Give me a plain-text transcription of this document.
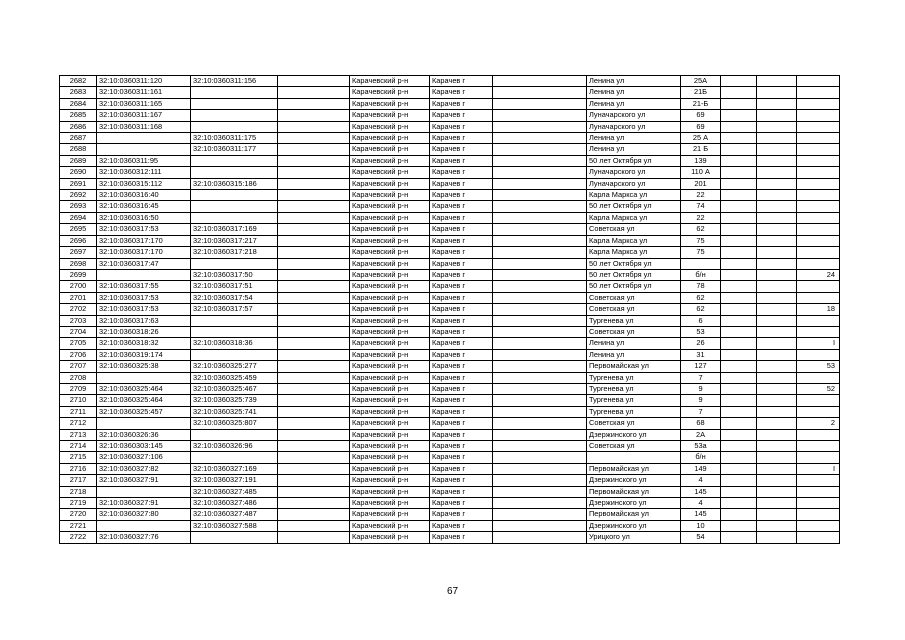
2682	32:10:0360311:120	32:10:0360311:156		Карачевский р-н	Карачев г		Ленина ул	25А			
2683	32:10:0360311:161			Карачевский р-н	Карачев г		Ленина ул	21Б			
2684	32:10:0360311:165			Карачевский р-н	Карачев г		Ленина ул	21-Б			
2685	32:10:0360311:167			Карачевский р-н	Карачев г		Луначарского ул	69			
2686	32:10:0360311:168			Карачевский р-н	Карачев г		Луначарского ул	69			
2687		32:10:0360311:175		Карачевский р-н	Карачев г		Ленина ул	25 А			
2688		32:10:0360311:177		Карачевский р-н	Карачев г		Ленина ул	21 Б			
2689	32:10:0360311:95			Карачевский р-н	Карачев г		50 лет Октября ул	139			
2690	32:10:0360312:111			Карачевский р-н	Карачев г		Луначарского ул	110 А			
2691	32:10:0360315:112	32:10:0360315:186		Карачевский р-н	Карачев г		Луначарского ул	201			
2692	32:10:0360316:40			Карачевский р-н	Карачев г		Карла Маркса ул	22			
2693	32:10:0360316:45			Карачевский р-н	Карачев г		50 лет Октября ул	74			
2694	32:10:0360316:50			Карачевский р-н	Карачев г		Карла Маркса ул	22			
2695	32:10:0360317:53	32:10:0360317:169		Карачевский р-н	Карачев г		Советская ул	62			
2696	32:10:0360317:170	32:10:0360317:217		Карачевский р-н	Карачев г		Карла Маркса ул	75			
2697	32:10:0360317:170	32:10:0360317:218		Карачевский р-н	Карачев г		Карла Маркса ул	75			
2698	32:10:0360317:47			Карачевский р-н	Карачев г		50 лет Октября ул				
2699		32:10:0360317:50		Карачевский р-н	Карачев г		50 лет Октября ул	б/н			24
2700	32:10:0360317:55	32:10:0360317:51		Карачевский р-н	Карачев г		50 лет Октября ул	78			
2701	32:10:0360317:53	32:10:0360317:54		Карачевский р-н	Карачев г		Советская ул	62			
2702	32:10:0360317:53	32:10:0360317:57		Карачевский р-н	Карачев г		Советская ул	62			18
2703	32:10:0360317:63			Карачевский р-н	Карачев г		Тургенева ул	6			
2704	32:10:0360318:26			Карачевский р-н	Карачев г		Советская ул	53			
2705	32:10:0360318:32	32:10:0360318:36		Карачевский р-н	Карачев г		Ленина ул	26			I
2706	32:10:0360319:174			Карачевский р-н	Карачев г		Ленина ул	31			
2707	32:10:0360325:38	32:10:0360325:277		Карачевский р-н	Карачев г		Первомайская ул	127			53
2708		32:10:0360325:459		Карачевский р-н	Карачев г		Тургенева ул	7			
2709	32:10:0360325:464	32:10:0360325:467		Карачевский р-н	Карачев г		Тургенева ул	9			52
2710	32:10:0360325:464	32:10:0360325:739		Карачевский р-н	Карачев г		Тургенева ул	9			
2711	32:10:0360325:457	32:10:0360325:741		Карачевский р-н	Карачев г		Тургенева ул	7			
2712		32:10:0360325:807		Карачевский р-н	Карачев г		Советская ул	68			2
2713	32:10:0360326:36			Карачевский р-н	Карачев г		Дзержинского ул	2А			
2714	32:10:0360303:145	32:10:0360326:96		Карачевский р-н	Карачев г		Советская ул	53а			
2715	32:10:0360327:106			Карачевский р-н	Карачев г			б/н			
2716	32:10:0360327:82	32:10:0360327:169		Карачевский р-н	Карачев г		Первомайская ул	149			I
2717	32:10:0360327:91	32:10:0360327:191		Карачевский р-н	Карачев г		Дзержинского ул	4			
2718		32:10:0360327:485		Карачевский р-н	Карачев г		Первомайская ул	145			
2719	32:10:0360327:91	32:10:0360327:486		Карачевский р-н	Карачев г		Дзержинского ул	4			
2720	32:10:0360327:80	32:10:0360327:487		Карачевский р-н	Карачев г		Первомайская ул	145			
2721		32:10:0360327:588		Карачевский р-н	Карачев г		Дзержинского ул	10			
2722	32:10:0360327:76			Карачевский р-н	Карачев г		Урицкого ул	54			
67
